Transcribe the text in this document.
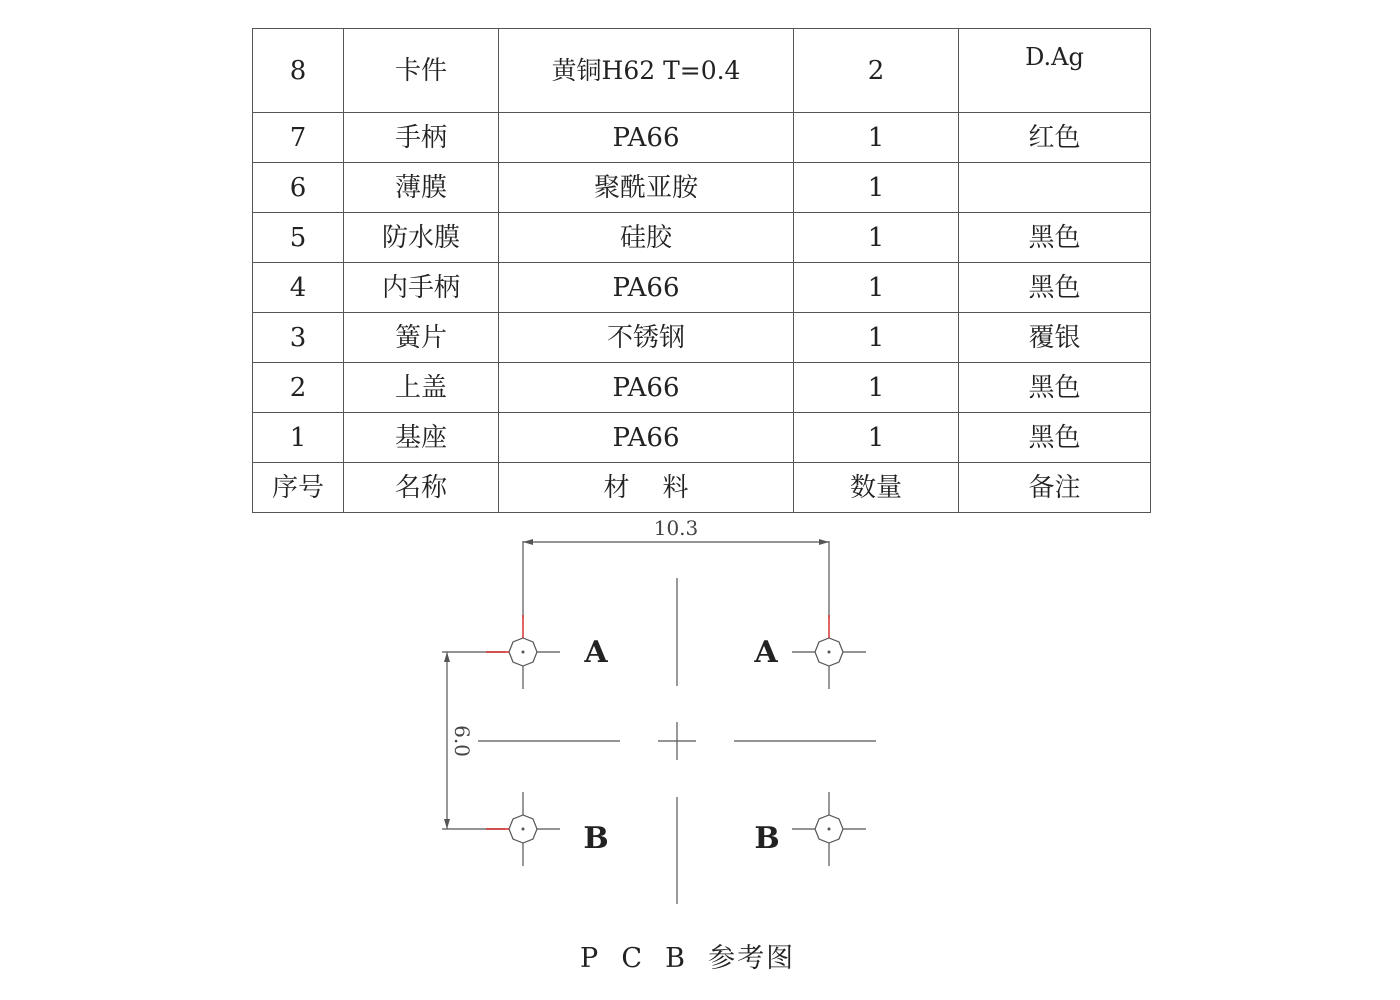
8	卡件	黄铜H62 T=0.4	2	D.Ag
7	手柄	PA66	1	红色
6	薄膜	聚酰亚胺	1	
5	防水膜	硅胶	1	黑色
4	内手柄	PA66	1	黑色
3	簧片	不锈钢	1	覆银
2	上盖	PA66	1	黑色
1	基座	PA66	1	黑色
序号	名称	材    料	数量	备注
10.3
6.0
A	A
B	B
P  C  B  参考图
